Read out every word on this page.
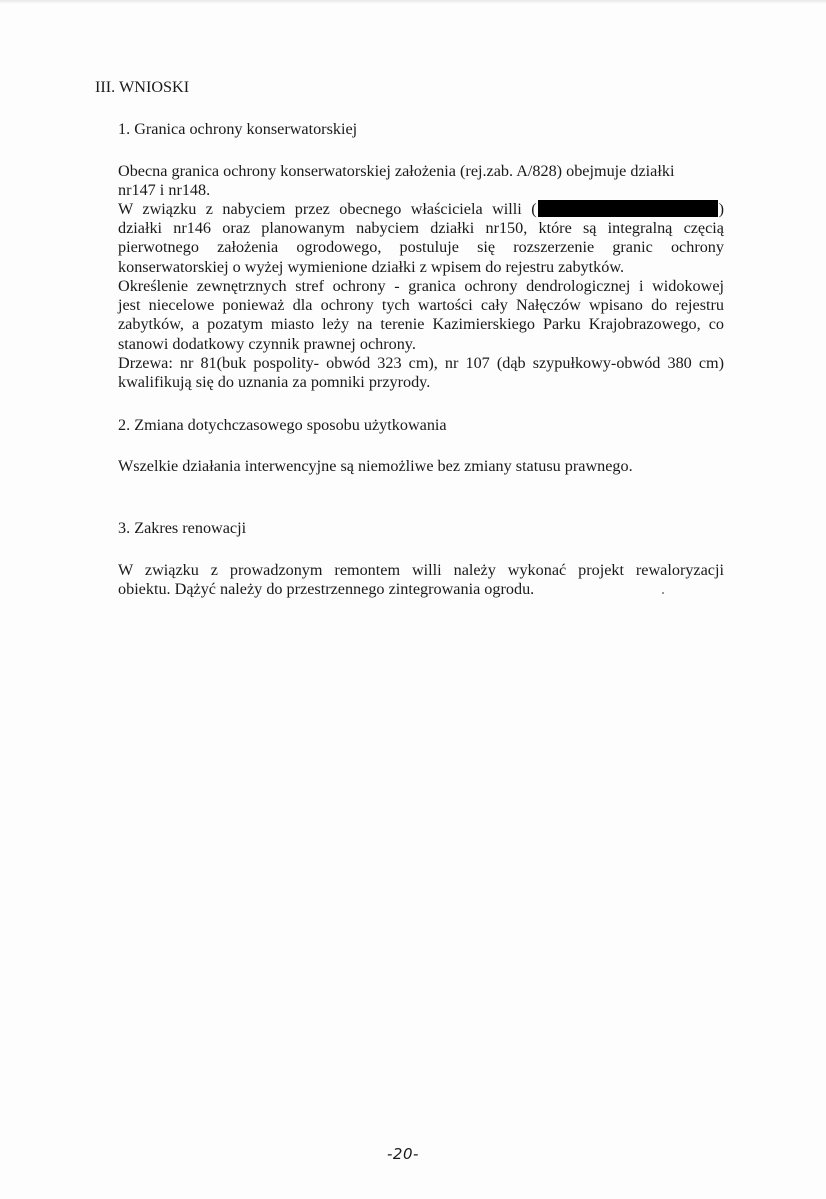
III. WNIOSKI
1. Granica ochrony konserwatorskiej
Obecna granica ochrony konserwatorskiej założenia (rej.zab. A/828) obejmuje działki
nr147 i nr148.
W związku z nabyciem przez obecnego właściciela willi (	)
działki nr146 oraz planowanym nabyciem działki nr150, które są integralną częcią
pierwotnego założenia ogrodowego, postuluje się rozszerzenie granic ochrony
konserwatorskiej o wyżej wymienione działki z wpisem do rejestru zabytków.
Określenie zewnętrznych stref ochrony - granica ochrony dendrologicznej i widokowej
jest niecelowe ponieważ dla ochrony tych wartości cały Nałęczów wpisano do rejestru
zabytków, a pozatym miasto leży na terenie Kazimierskiego Parku Krajobrazowego, co
stanowi dodatkowy czynnik prawnej ochrony.
Drzewa: nr 81(buk pospolity- obwód 323 cm), nr 107 (dąb szypułkowy-obwód 380 cm)
kwalifikują się do uznania za pomniki przyrody.
2. Zmiana dotychczasowego sposobu użytkowania
Wszelkie działania interwencyjne są niemożliwe bez zmiany statusu prawnego.
3. Zakres renowacji
W związku z prowadzonym remontem willi należy wykonać projekt rewaloryzacji
obiektu. Dążyć należy do przestrzennego zintegrowania ogrodu.
-20-
